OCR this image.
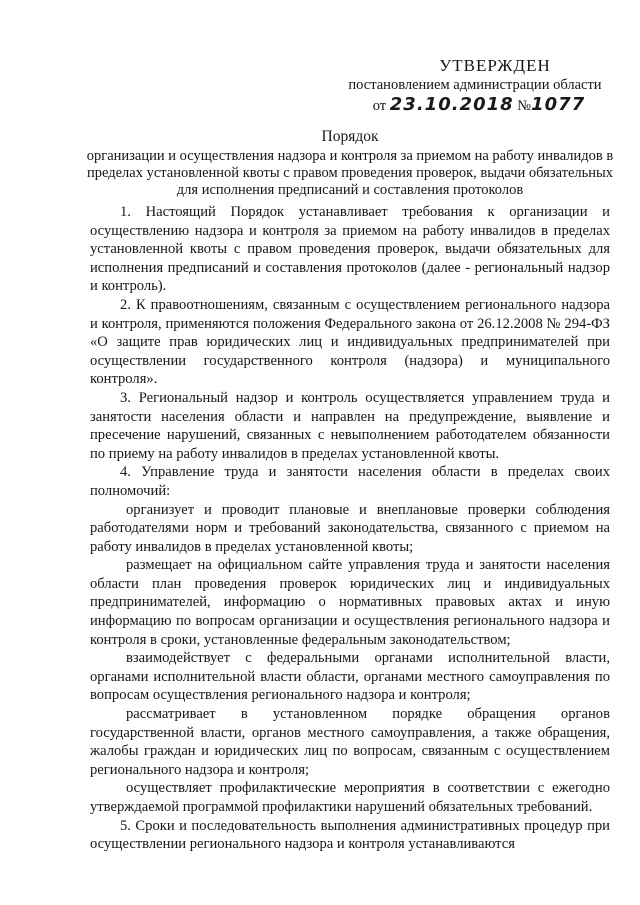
УТВЕРЖДЕН
постановлением администрации области
от 23.10.2018 №1077
Порядок
организации и осуществления надзора и контроля за приемом на работу инвалидов в пределах установленной квоты с правом проведения проверок, выдачи обязательных для исполнения предписаний и составления протоколов

1. Настоящий Порядок устанавливает требования к организации и осуществлению надзора и контроля за приемом на работу инвалидов в пределах установленной квоты с правом проведения проверок, выдачи обязательных для исполнения предписаний и составления протоколов (далее - региональный надзор и контроль).

2. К правоотношениям, связанным с осуществлением регионального надзора и контроля, применяются положения Федерального закона от 26.12.2008 № 294-ФЗ «О защите прав юридических лиц и индивидуальных предпринимателей при осуществлении государственного контроля (надзора) и муниципального контроля».

3. Региональный надзор и контроль осуществляется управлением труда и занятости населения области и направлен на предупреждение, выявление и пресечение нарушений, связанных с невыполнением работодателем обязанности по приему на работу инвалидов в пределах установленной квоты.

4. Управление труда и занятости населения области в пределах своих полномочий:

организует и проводит плановые и внеплановые проверки соблюдения работодателями норм и требований законодательства, связанного с приемом на работу инвалидов в пределах установленной квоты;

размещает на официальном сайте управления труда и занятости населения области план проведения проверок юридических лиц и индивидуальных предпринимателей, информацию о нормативных правовых актах и иную информацию по вопросам организации и осуществления регионального надзора и контроля в сроки, установленные федеральным законодательством;

взаимодействует с федеральными органами исполнительной власти, органами исполнительной власти области, органами местного самоуправления по вопросам осуществления регионального надзора и контроля;

рассматривает в установленном порядке обращения органов государственной власти, органов местного самоуправления, а также обращения, жалобы граждан и юридических лиц по вопросам, связанным с осуществлением регионального надзора и контроля;

осуществляет профилактические мероприятия в соответствии с ежегодно утверждаемой программой профилактики нарушений обязательных требований.

5. Сроки и последовательность выполнения административных процедур при осуществлении регионального надзора и контроля устанавливаются
